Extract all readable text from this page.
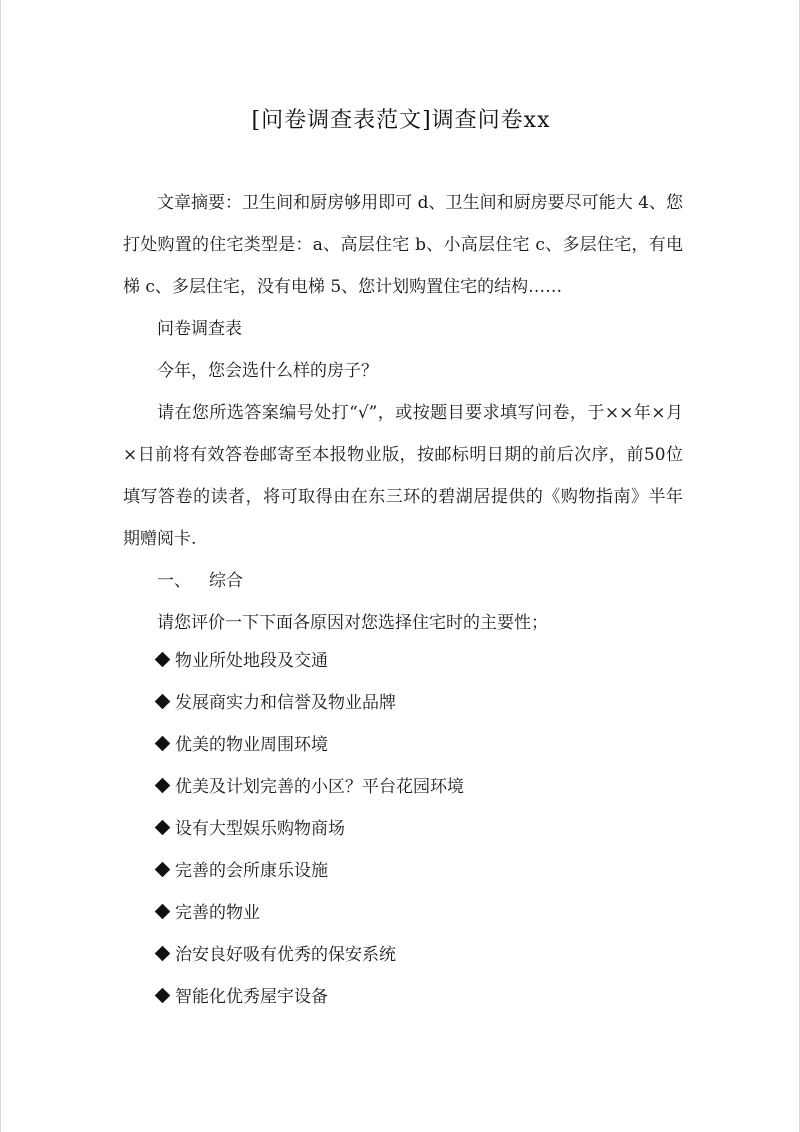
[问卷调查表范文]调查问卷xx

文章摘要：卫生间和厨房够用即可 d、卫生间和厨房要尽可能大 4、您打处购置的住宅类型是：a、高层住宅 b、小高层住宅 c、多层住宅，有电梯 c、多层住宅，没有电梯 5、您计划购置住宅的结构……

问卷调查表

今年，您会选什么样的房子？

请在您所选答案编号处打“√”，或按题目要求填写问卷，于××年×月×日前将有效答卷邮寄至本报物业版，按邮标明日期的前后次序，前50位填写答卷的读者，将可取得由在东三环的碧湖居提供的《购物指南》半年期赠阅卡.

一、 综合

请您评价一下下面各原因对您选择住宅时的主要性；

物业所处地段及交通

发展商实力和信誉及物业品牌

优美的物业周围环境

优美及计划完善的小区？平台花园环境

设有大型娱乐购物商场

完善的会所康乐设施

完善的物业

治安良好吸有优秀的保安系统

智能化优秀屋宇设备
